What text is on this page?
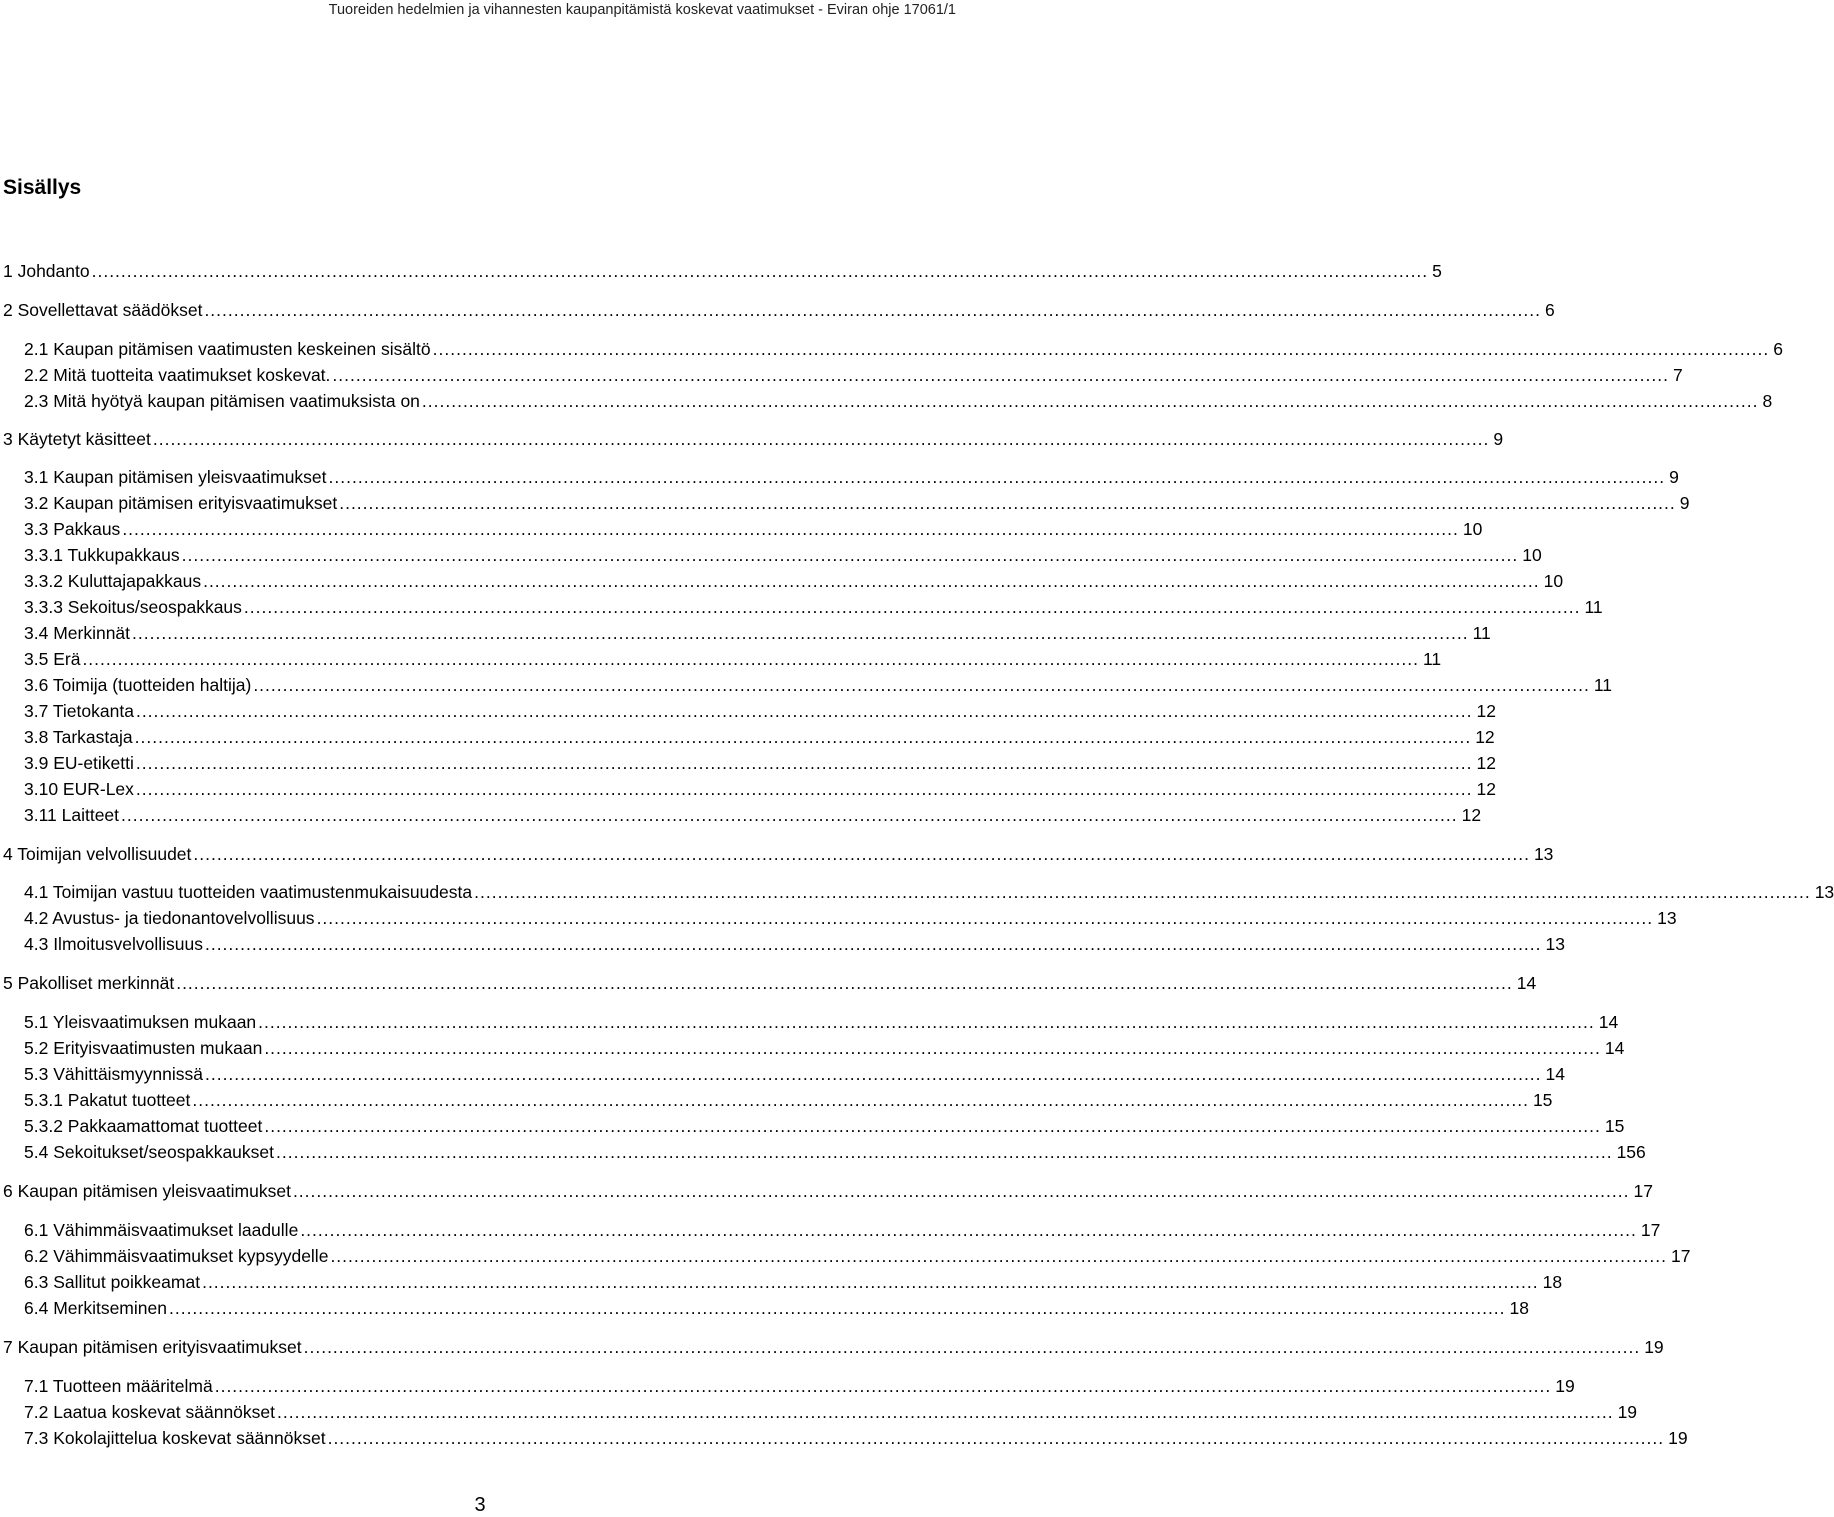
Tuoreiden hedelmien ja vihannesten kaupanpitämistä koskevat vaatimukset - Eviran ohje 17061/1
Sisällys
1 Johdanto .................................................................................................................................................................................................................................... 5
2 Sovellettavat säädökset .................................................................................................................................................................................................................................... 6
2.1 Kaupan pitämisen vaatimusten keskeinen sisältö .................................................................................................................................................................................................................................... 6
2.2 Mitä tuotteita vaatimukset koskevat. .................................................................................................................................................................................................................................... 7
2.3 Mitä hyötyä kaupan pitämisen vaatimuksista on .................................................................................................................................................................................................................................... 8
3 Käytetyt käsitteet .................................................................................................................................................................................................................................... 9
3.1 Kaupan pitämisen yleisvaatimukset .................................................................................................................................................................................................................................... 9
3.2 Kaupan pitämisen erityisvaatimukset .................................................................................................................................................................................................................................... 9
3.3 Pakkaus .................................................................................................................................................................................................................................... 10
3.3.1 Tukkupakkaus .................................................................................................................................................................................................................................... 10
3.3.2 Kuluttajapakkaus .................................................................................................................................................................................................................................... 10
3.3.3 Sekoitus/seospakkaus .................................................................................................................................................................................................................................... 11
3.4 Merkinnät .................................................................................................................................................................................................................................... 11
3.5 Erä .................................................................................................................................................................................................................................... 11
3.6 Toimija (tuotteiden haltija) .................................................................................................................................................................................................................................... 11
3.7 Tietokanta .................................................................................................................................................................................................................................... 12
3.8 Tarkastaja .................................................................................................................................................................................................................................... 12
3.9 EU-etiketti .................................................................................................................................................................................................................................... 12
3.10 EUR-Lex .................................................................................................................................................................................................................................... 12
3.11 Laitteet .................................................................................................................................................................................................................................... 12
4 Toimijan velvollisuudet .................................................................................................................................................................................................................................... 13
4.1 Toimijan vastuu tuotteiden vaatimustenmukaisuudesta .................................................................................................................................................................................................................................... 13
4.2 Avustus- ja tiedonantovelvollisuus .................................................................................................................................................................................................................................... 13
4.3 Ilmoitusvelvollisuus .................................................................................................................................................................................................................................... 13
5 Pakolliset merkinnät .................................................................................................................................................................................................................................... 14
5.1 Yleisvaatimuksen mukaan .................................................................................................................................................................................................................................... 14
5.2 Erityisvaatimusten mukaan .................................................................................................................................................................................................................................... 14
5.3 Vähittäismyynnissä .................................................................................................................................................................................................................................... 14
5.3.1 Pakatut tuotteet .................................................................................................................................................................................................................................... 15
5.3.2 Pakkaamattomat tuotteet .................................................................................................................................................................................................................................... 15
5.4 Sekoitukset/seospakkaukset .................................................................................................................................................................................................................................... 156
6 Kaupan pitämisen yleisvaatimukset .................................................................................................................................................................................................................................... 17
6.1 Vähimmäisvaatimukset laadulle .................................................................................................................................................................................................................................... 17
6.2 Vähimmäisvaatimukset kypsyydelle .................................................................................................................................................................................................................................... 17
6.3 Sallitut poikkeamat .................................................................................................................................................................................................................................... 18
6.4 Merkitseminen .................................................................................................................................................................................................................................... 18
7 Kaupan pitämisen erityisvaatimukset .................................................................................................................................................................................................................................... 19
7.1 Tuotteen määritelmä .................................................................................................................................................................................................................................... 19
7.2 Laatua koskevat säännökset .................................................................................................................................................................................................................................... 19
7.3 Kokolajittelua koskevat säännökset .................................................................................................................................................................................................................................... 19
3
